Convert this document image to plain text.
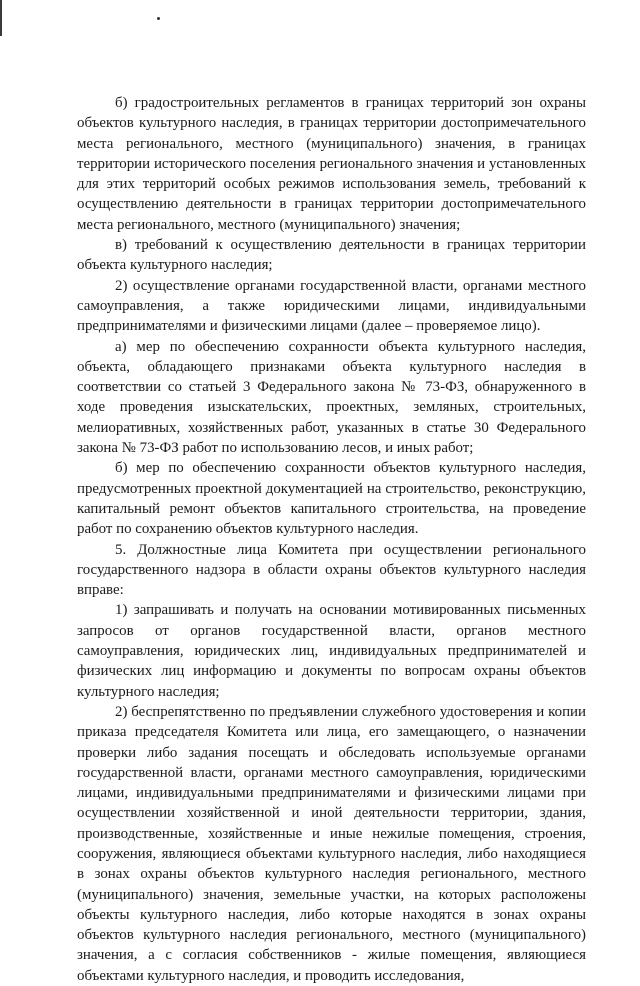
б) градостроительных регламентов в границах территорий зон охраны объектов культурного наследия, в границах территории достопримечательного места регионального, местного (муниципального) значения, в границах территории исторического поселения регионального значения и установленных для этих территорий особых режимов использования земель, требований к осуществлению деятельности в границах территории достопримечательного места регионального, местного (муниципального) значения;

в) требований к осуществлению деятельности в границах территории объекта культурного наследия;

2) осуществление органами государственной власти, органами местного самоуправления, а также юридическими лицами, индивидуальными предпринимателями и физическими лицами (далее – проверяемое лицо).

а) мер по обеспечению сохранности объекта культурного наследия, объекта, обладающего признаками объекта культурного наследия в соответствии со статьей 3 Федерального закона № 73-ФЗ, обнаруженного в ходе проведения изыскательских, проектных, земляных, строительных, мелиоративных, хозяйственных работ, указанных в статье 30 Федерального закона № 73-ФЗ работ по использованию лесов, и иных работ;

б) мер по обеспечению сохранности объектов культурного наследия, предусмотренных проектной документацией на строительство, реконструкцию, капитальный ремонт объектов капитального строительства, на проведение работ по сохранению объектов культурного наследия.

5. Должностные лица Комитета при осуществлении регионального государственного надзора в области охраны объектов культурного наследия вправе:

1) запрашивать и получать на основании мотивированных письменных запросов от органов государственной власти, органов местного самоуправления, юридических лиц, индивидуальных предпринимателей и физических лиц информацию и документы по вопросам охраны объектов культурного наследия;

2) беспрепятственно по предъявлении служебного удостоверения и копии приказа председателя Комитета или лица, его замещающего, о назначении проверки либо задания посещать и обследовать используемые органами государственной власти, органами местного самоуправления, юридическими лицами, индивидуальными предпринимателями и физическими лицами при осуществлении хозяйственной и иной деятельности территории, здания, производственные, хозяйственные и иные нежилые помещения, строения, сооружения, являющиеся объектами культурного наследия, либо находящиеся в зонах охраны объектов культурного наследия регионального, местного (муниципального) значения, земельные участки, на которых расположены объекты культурного наследия, либо которые находятся в зонах охраны объектов культурного наследия регионального, местного (муниципального) значения, а с согласия собственников - жилые помещения, являющиеся объектами культурного наследия, и проводить исследования,
